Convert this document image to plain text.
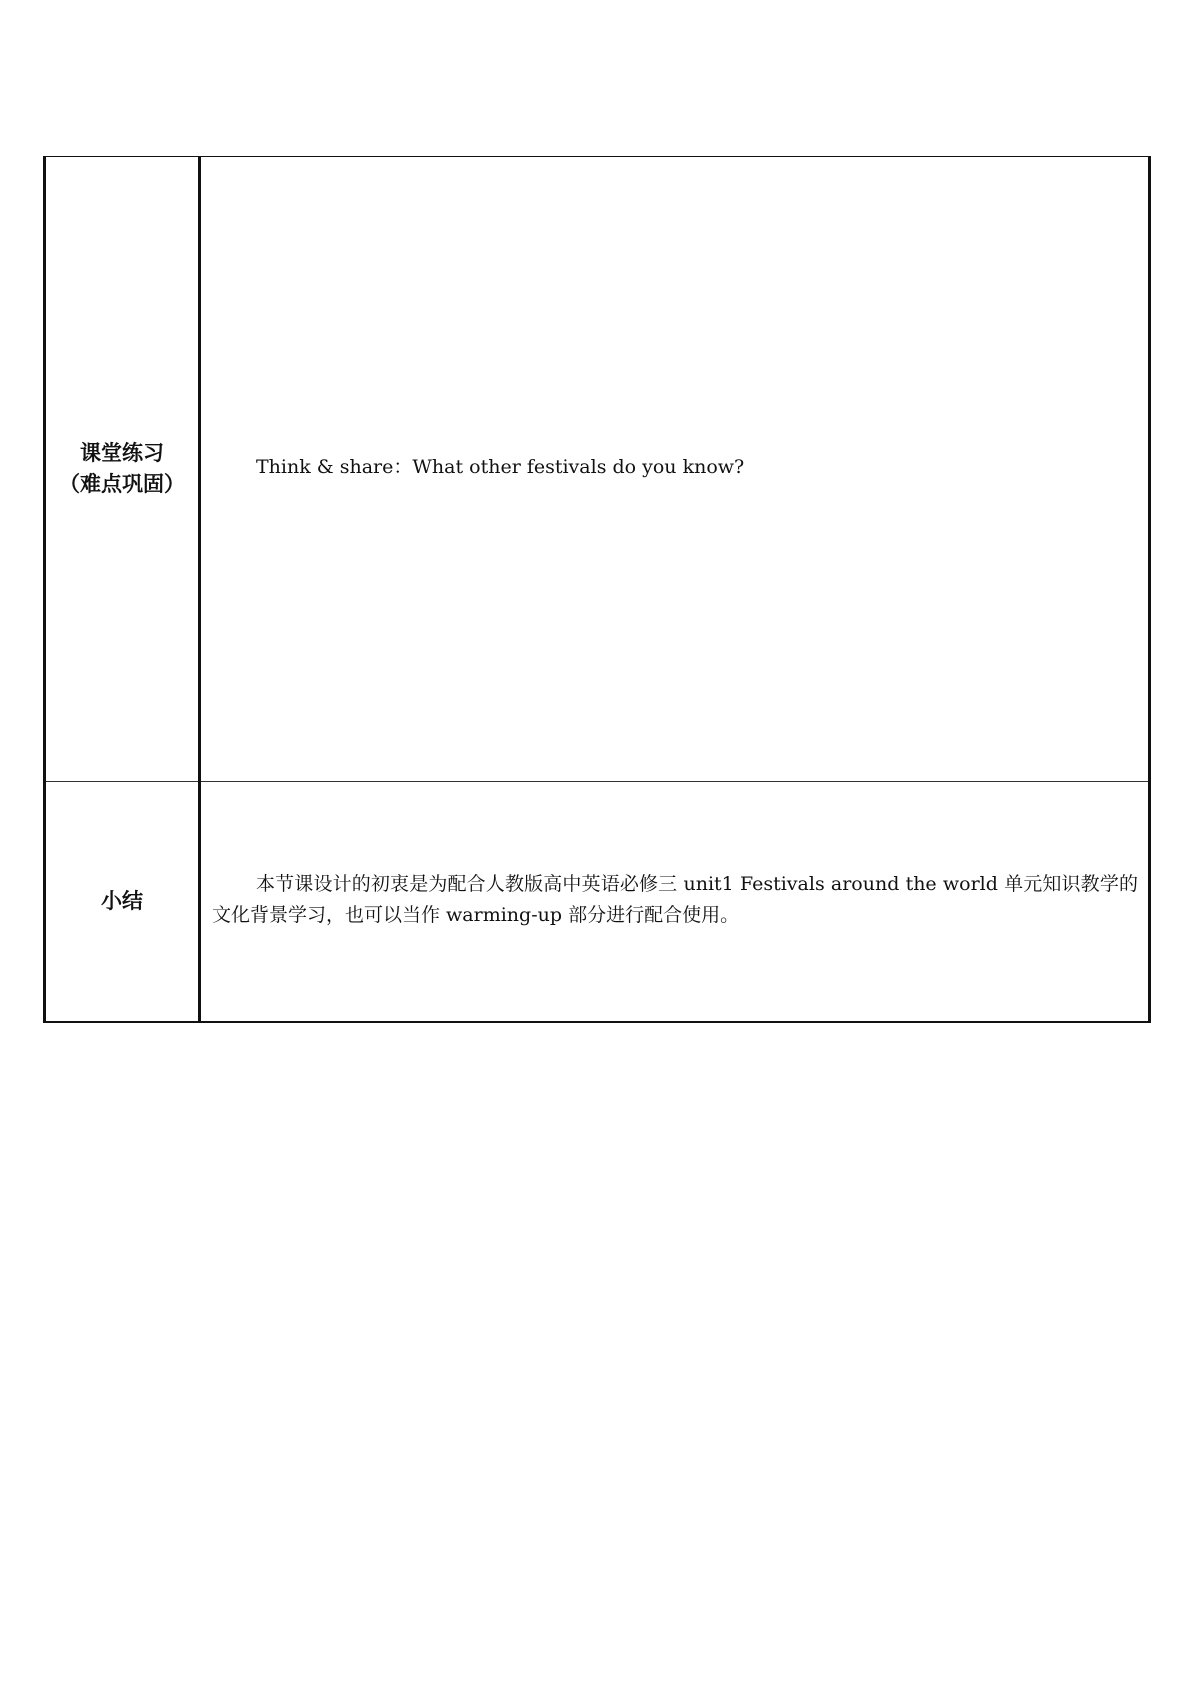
课堂练习
（难点巩固）	Think & share：What other festivals do you know?

小结	本节课设计的初衷是为配合人教版高中英语必修三 unit1 Festivals around the world 单元知识教学的文化背景学习，也可以当作 warming-up 部分进行配合使用。
